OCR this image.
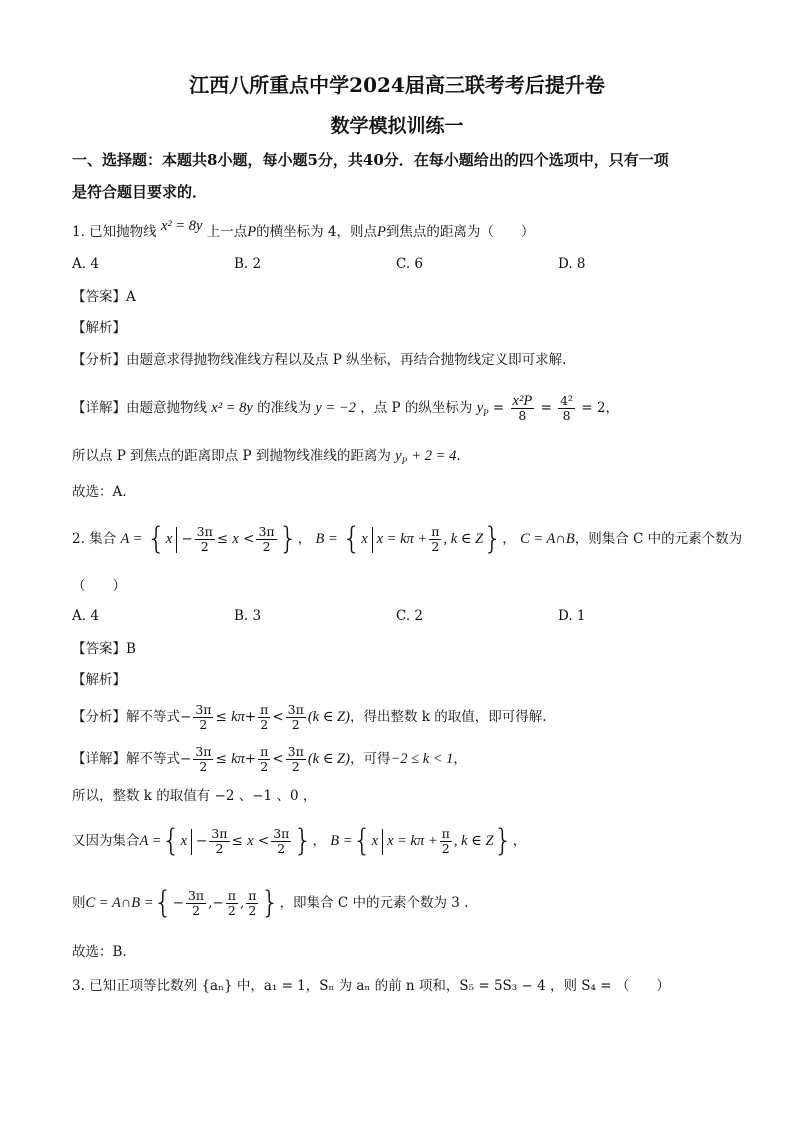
江西八所重点中学2024届高三联考考后提升卷
数学模拟训练一
一、选择题：本题共8小题，每小题5分，共40分．在每小题给出的四个选项中，只有一项
是符合题目要求的．
1. 已知抛物线 x² = 8y 上一点P的横坐标为 4，则点P到焦点的距离为（　　）
A. 4	B. 2	C. 6	D. 8
【答案】A
【解析】
【分析】由题意求得抛物线准线方程以及点 P 纵坐标，再结合抛物线定义即可求解.
【详解】由题意抛物线 x² = 8y 的准线为 y = −2 ，点 P 的纵坐标为 $y_P = \frac{\text{x²P}}{8} = \frac{\text{4²}}{8} = 2$，
所以点 P 到焦点的距离即点 P 到抛物线准线的距离为 $y_P + 2 = 4$.
故选：A.
2. 集合 $A = \{x - \frac{3\pi}{2} \le x < \frac{3\pi}{2}$ }， B = {x $x = k\pi + \frac{\pi}{2}$ , k ∈ Z}， C = A∩B，则集合 C 中的元素个数为
（　　）
A. 4	B. 3	C. 2	D. 1
【答案】B
【解析】
【分析】解不等式− $\frac{3\pi}{2} \le k\pi+ \frac{\pi}{2} < \frac{3\pi}{2} (k$ ∈ Z)，得出整数 k 的取值，即可得解.
【详解】解不等式− $\frac{3\pi}{2} \le k\pi+ \frac{\pi}{2} < \frac{3\pi}{2} (k$ ∈ Z)，可得−2 ≤ k < 1，
所以，整数 k 的取值有 −2 、−1 、0 ，
又因为集合$A =\{x - \frac{3\pi}{2} \le x < \frac{3\pi}{2}$ }， B ={x $x = k\pi + \frac{\pi}{2}$ , k ∈ Z}，
则C = A∩B ={− $\frac{3\pi}{2}$ ,− $\frac{\pi}{2}$ , $\frac{\pi}{2}$ }，即集合 C 中的元素个数为 3 .
故选：B.
3. 已知正项等比数列 {aₙ} 中，a₁ = 1，Sₙ 为 aₙ 的前 n 项和，S₅ = 5S₃ − 4 ，则 S₄ = （　　）
